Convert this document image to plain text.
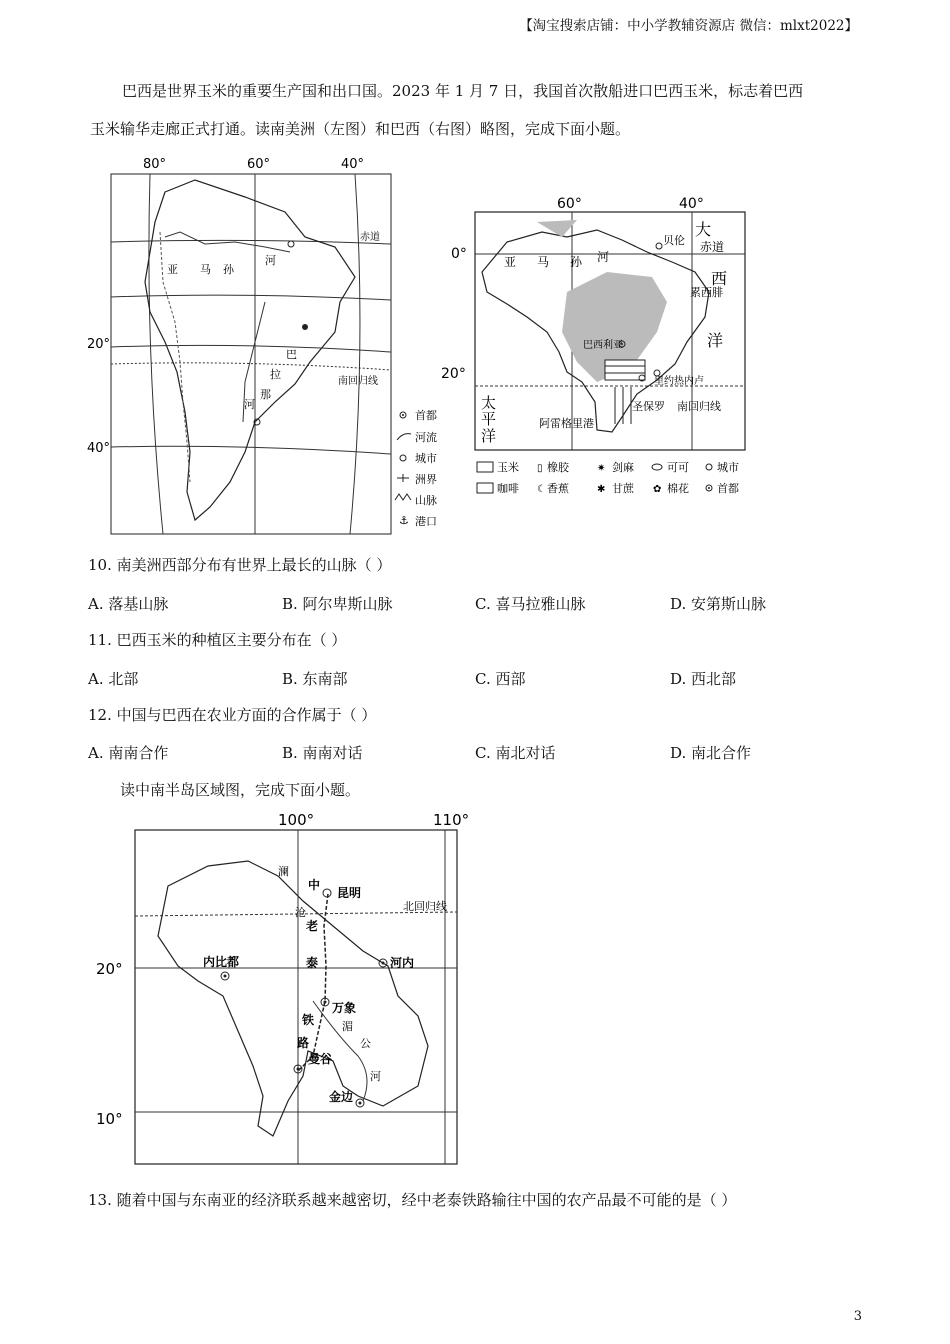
【淘宝搜索店铺：中小学教辅资源店 微信：mlxt2022】
巴西是世界玉米的重要生产国和出口国。2023 年 1 月 7 日，我国首次散船进口巴西玉米，标志着巴西
玉米输华走廊正式打通。读南美洲（左图）和巴西（右图）略图，完成下面小题。
80°	60°	40°
20°
40°
赤道
南回归线
亚 马 孙
河
巴
拉
那
河
首都
河流
城市
洲界
山脉
⚓ 港口
60°	40°
0°
20°
赤道
南回归线
大
西
洋
太
平
洋
亚 马 孙 河
贝伦
累西腓
巴西利亚
里约热内卢
圣保罗
阿雷格里港
玉米 ▯ 橡胶	✷ 剑麻	可可	城市
咖啡 ☾ 香蕉	✱ 甘蔗 ✿ 棉花	首都
10. 南美洲西部分布有世界上最长的山脉（ ）
A. 落基山脉	B. 阿尔卑斯山脉	C. 喜马拉雅山脉	D. 安第斯山脉
11. 巴西玉米的种植区主要分布在（ ）
A. 北部	B. 东南部	C. 西部	D. 西北部
12. 中国与巴西在农业方面的合作属于（ ）
A. 南南合作	B. 南南对话	C. 南北对话	D. 南北合作
读中南半岛区域图，完成下面小题。
100°	110°
20°
10°
北回归线
昆明
内比都	河内
万象
曼谷
金边
中
老
泰
铁
路
澜
沧
湄
公
河
13. 随着中国与东南亚的经济联系越来越密切，经中老泰铁路输往中国的农产品最不可能的是（ ）
3
